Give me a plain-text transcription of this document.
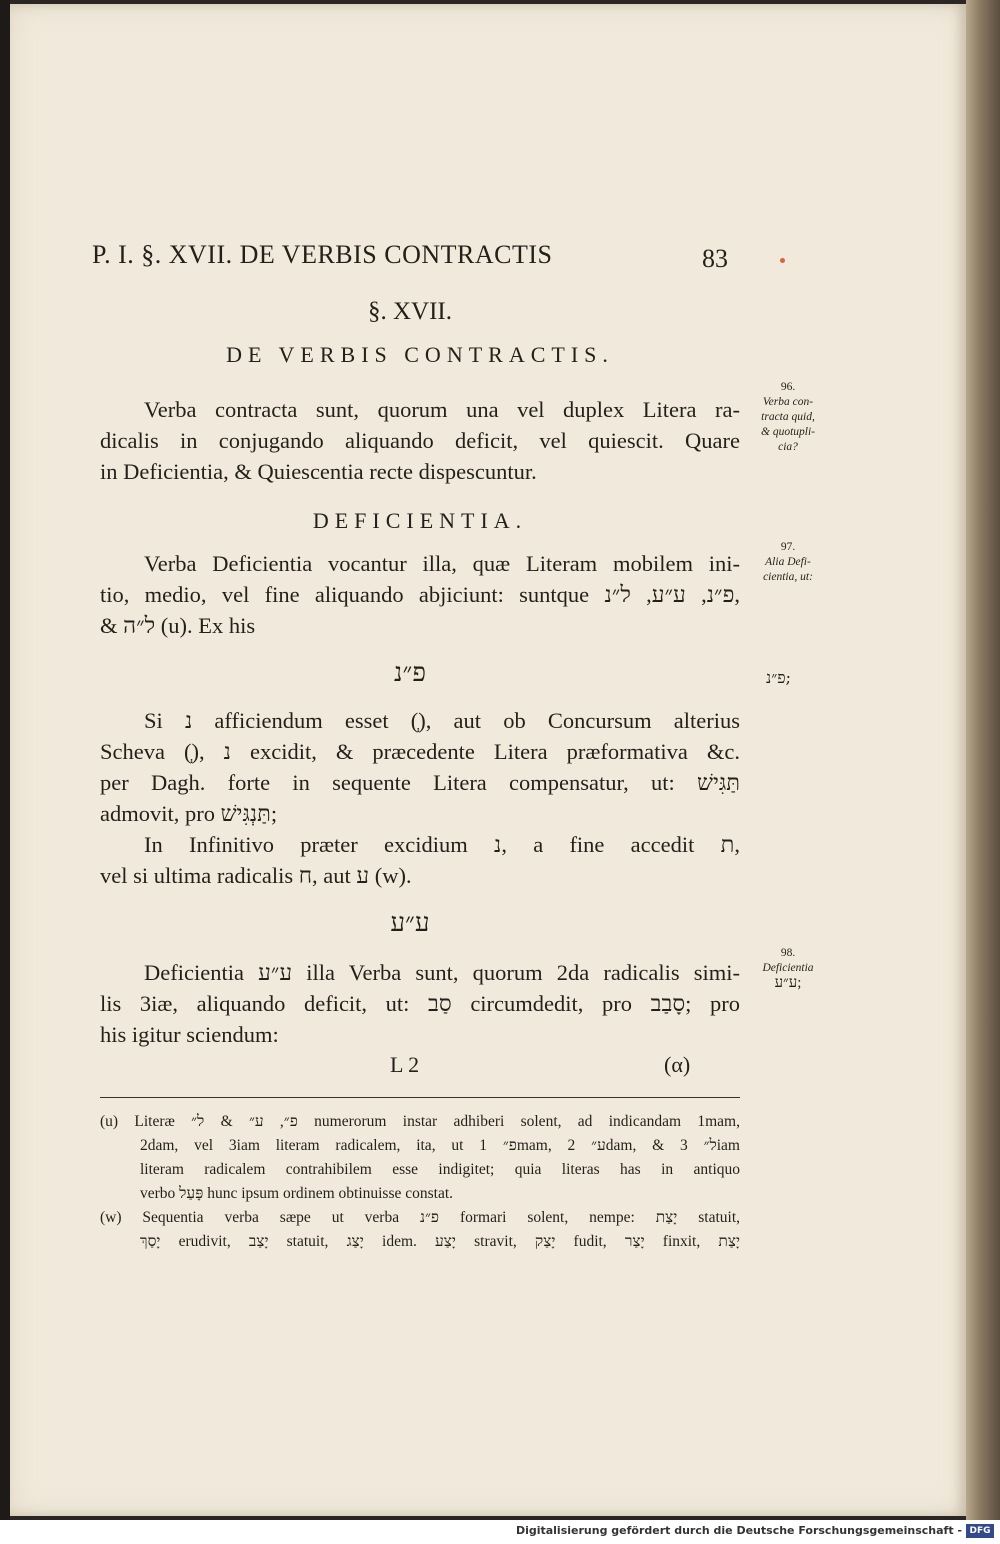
P. I. §. XVII. DE VERBIS CONTRACTIS	83
§. XVII.
DE VERBIS CONTRACTIS.
Verba contracta sunt, quorum una vel duplex Litera ra-
dicalis in conjugando aliquando deficit, vel quiescit. Quare
in Deficientia, & Quiescentia recte dispescuntur.
DEFICIENTIA.
Verba Deficientia vocantur illa, quæ Literam mobilem ini-
tio, medio, vel fine aliquando abjiciunt: suntque פ״נ, ע״ע, ל״נ,
& ל״ה (u). Ex his
פ״נ
Si נ afficiendum esset (ְ), aut ob Concursum alterius
Scheva (ְ), נ excidit, & præcedente Litera præformativa &c.
per Dagh. forte in sequente Litera compensatur, ut: תַּגִּישׁ
admovit, pro תַּנְגִּישׁ;
In Infinitivo præter excidium נ, a fine accedit ת,
vel si ultima radicalis ח, aut ע (w).
ע״ע
Deficientia ע״ע illa Verba sunt, quorum 2da radicalis simi-
lis 3iæ, aliquando deficit, ut: סַב circumdedit, pro סָבַב; pro
his igitur sciendum:
L 2	(α)
(u) Literæ פ״, ע״ & ל״ numerorum instar adhiberi solent, ad indicandam 1mam,
2dam, vel 3iam literam radicalem, ita, ut פ״ 1mam, ע״ 2dam, & ל״ 3iam
literam radicalem contrahibilem esse indigitet; quia literas has in antiquo
verbo פָּעַל hunc ipsum ordinem obtinuisse constat.
(w) Sequentia verba sæpe ut verba פ״נ formari solent, nempe: יָצַת statuit,
יָסַךְ erudivit, יָצַב statuit, יָצַג idem. יָצַע stravit, יָצַק fudit, יָצַר finxit, יָצַת
96.
Verba con-
tracta quid,
& quotupli-
cia?
97.
Alia Defi-
cientia, ut:
פ״נ;
98.
Deficientia
ע״ע;
Digitalisierung gefördert durch die Deutsche Forschungsgemeinschaft - DFG
